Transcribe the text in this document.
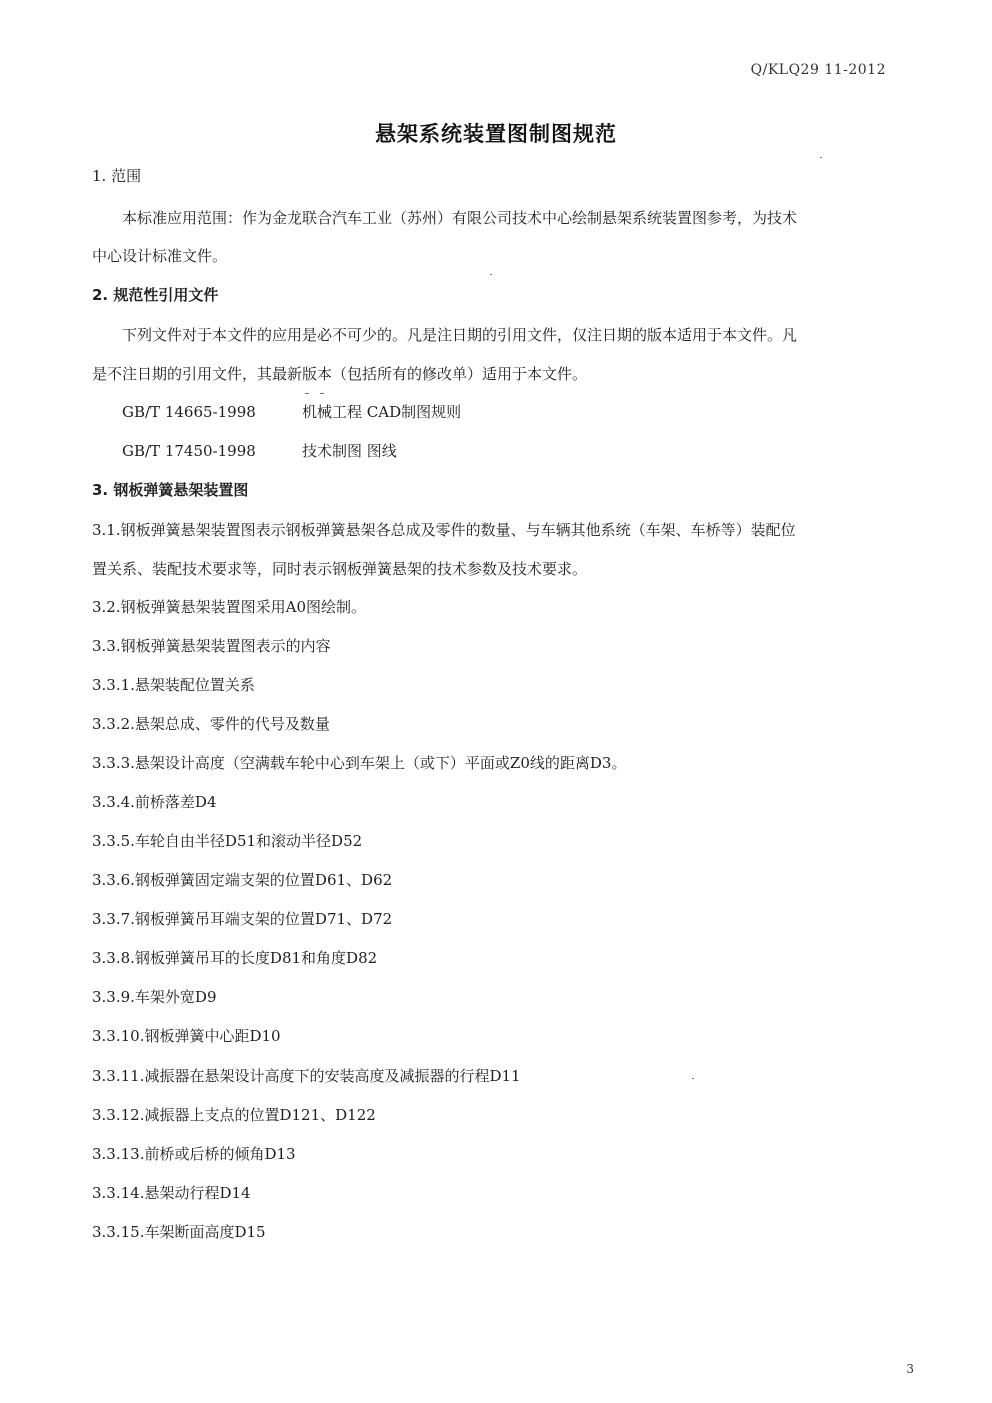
Q/KLQ29 11-2012
悬架系统装置图制图规范
1. 范围
本标准应用范围：作为金龙联合汽车工业（苏州）有限公司技术中心绘制悬架系统装置图参考，为技术
中心设计标准文件。
2. 规范性引用文件
下列文件对于本文件的应用是必不可少的。凡是注日期的引用文件，仅注日期的版本适用于本文件。凡
是不注日期的引用文件，其最新版本（包括所有的修改单）适用于本文件。
GB/T 14665-1998	机械工程 CAD制图规则
GB/T 17450-1998	技术制图 图线
3. 钢板弹簧悬架装置图
3.1.钢板弹簧悬架装置图表示钢板弹簧悬架各总成及零件的数量、与车辆其他系统（车架、车桥等）装配位
置关系、装配技术要求等，同时表示钢板弹簧悬架的技术参数及技术要求。
3.2.钢板弹簧悬架装置图采用A0图绘制。
3.3.钢板弹簧悬架装置图表示的内容
3.3.1.悬架装配位置关系
3.3.2.悬架总成、零件的代号及数量
3.3.3.悬架设计高度（空满载车轮中心到车架上（或下）平面或Z0线的距离D3。
3.3.4.前桥落差D4
3.3.5.车轮自由半径D51和滚动半径D52
3.3.6.钢板弹簧固定端支架的位置D61、D62
3.3.7.钢板弹簧吊耳端支架的位置D71、D72
3.3.8.钢板弹簧吊耳的长度D81和角度D82
3.3.9.车架外宽D9
3.3.10.钢板弹簧中心距D10
3.3.11.减振器在悬架设计高度下的安装高度及减振器的行程D11
3.3.12.减振器上支点的位置D121、D122
3.3.13.前桥或后桥的倾角D13
3.3.14.悬架动行程D14
3.3.15.车架断面高度D15
3
